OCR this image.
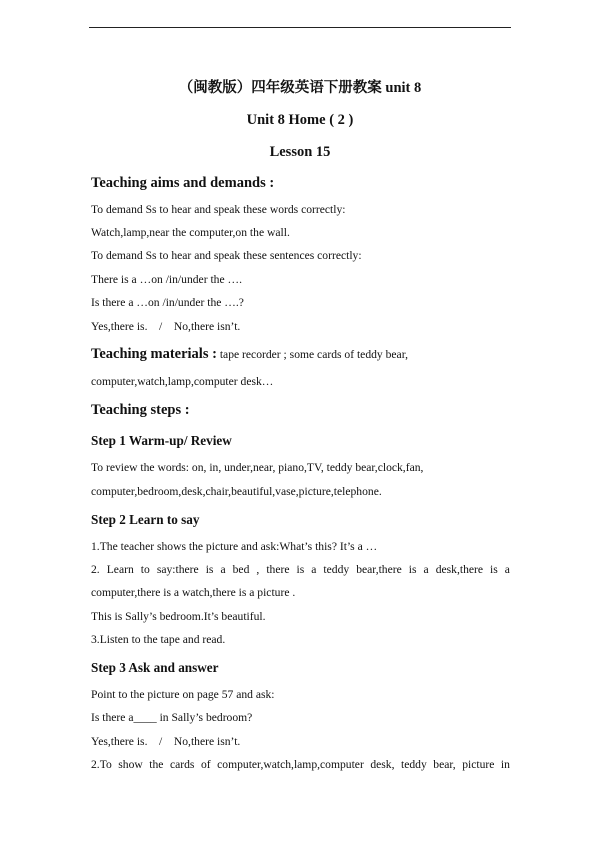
（闽教版）四年级英语下册教案 unit 8
Unit 8 Home ( 2 )
Lesson 15
Teaching aims and demands :
To demand Ss to hear and speak these words correctly:
Watch,lamp,near the computer,on the wall.
To demand Ss to hear and speak these sentences correctly:
There is a …on /in/under the ….
Is there a …on /in/under the ….?
Yes,there is.    /    No,there isn’t.
Teaching materials : tape recorder ; some cards of teddy bear,
computer,watch,lamp,computer desk…
Teaching steps :
Step 1 Warm-up/ Review
To review the words: on, in, under,near, piano,TV, teddy bear,clock,fan,
computer,bedroom,desk,chair,beautiful,vase,picture,telephone.
Step 2 Learn to say
1.The teacher shows the picture and ask:What’s this? It’s a …
2. Learn to say:there is a bed , there is a teddy bear,there is a desk,there is a
computer,there is a watch,there is a picture .
This is Sally’s bedroom.It’s beautiful.
3.Listen to the tape and read.
Step 3 Ask and answer
Point to the picture on page 57 and ask:
Is there a____ in Sally’s bedroom?
Yes,there is.    /    No,there isn’t.
2.To show the cards of computer,watch,lamp,computer desk, teddy bear, picture in
